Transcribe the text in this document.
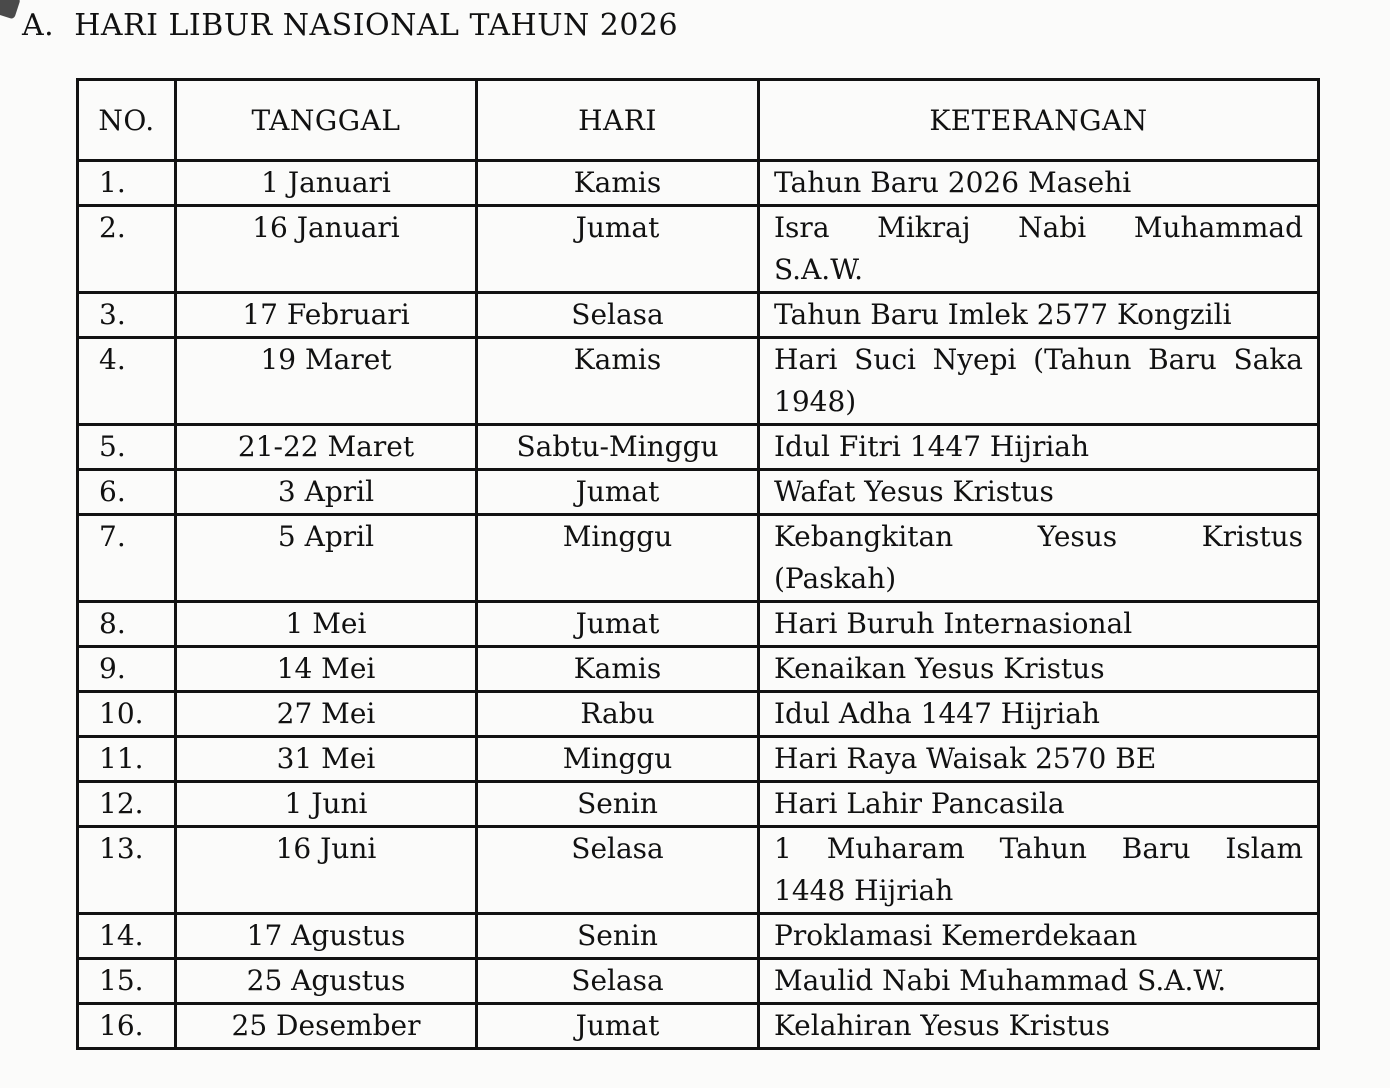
A. HARI LIBUR NASIONAL TAHUN 2026
NO.	TANGGAL	HARI	KETERANGAN
1.	1 Januari	Kamis	Tahun Baru 2026 Masehi

2.	16 Januari	Jumat	Isra Mikraj Nabi Muhammad
S.A.W.

3.	17 Februari	Selasa	Tahun Baru Imlek 2577 Kongzili

4.	19 Maret	Kamis	Hari Suci Nyepi (Tahun Baru Saka
1948)

5.	21-22 Maret	Sabtu-Minggu	Idul Fitri 1447 Hijriah

6.	3 April	Jumat	Wafat Yesus Kristus

7.	5 April	Minggu	Kebangkitan Yesus Kristus
(Paskah)

8.	1 Mei	Jumat	Hari Buruh Internasional

9.	14 Mei	Kamis	Kenaikan Yesus Kristus

10.	27 Mei	Rabu	Idul Adha 1447 Hijriah

11.	31 Mei	Minggu	Hari Raya Waisak 2570 BE

12.	1 Juni	Senin	Hari Lahir Pancasila

13.	16 Juni	Selasa	1 Muharam Tahun Baru Islam
1448 Hijriah

14.	17 Agustus	Senin	Proklamasi Kemerdekaan

15.	25 Agustus	Selasa	Maulid Nabi Muhammad S.A.W.

16.	25 Desember	Jumat	Kelahiran Yesus Kristus
